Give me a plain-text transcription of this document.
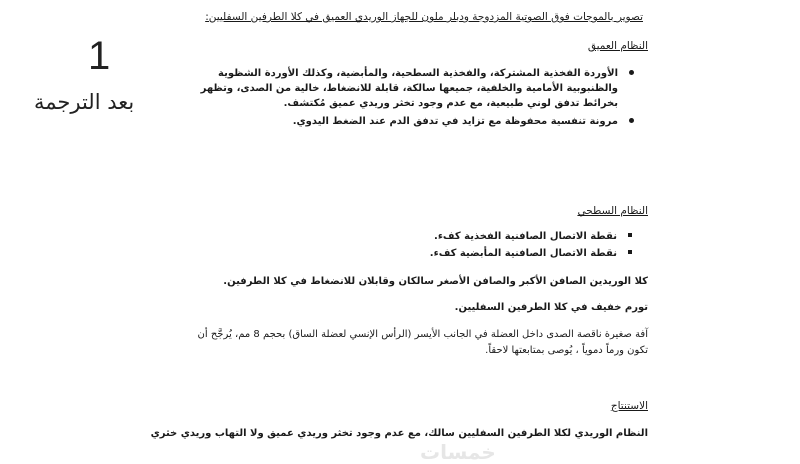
تصوير بالموجات فوق الصوتية المزدوجة ودبلر ملون للجهاز الوريدي العميق في كلا الطرفين السفليين:
1
بعد الترجمة
النظام العميق
الأوردة الفخذية المشتركة، والفخذية السطحية، والمأبضية، وكذلك الأوردة الشظوية والظنبوبية الأمامية والخلفية، جميعها سالكة، قابلة للانضغاط، خالية من الصدى، وتظهر بخرائط تدفق لوني طبيعية، مع عدم وجود تخثر وريدي عميق مُكتشف.
مرونة تنفسية محفوظة مع تزايد في تدفق الدم عند الضغط اليدوي.
النظام السطحي
نقطة الاتصال الصافنية الفخذية كفء.
نقطة الاتصال الصافنية المأبضية كفء.
كلا الوريدين الصافن الأكبر والصافن الأصغر سالكان وقابلان للانضغاط في كلا الطرفين.
تورم خفيف في كلا الطرفين السفليين.
آفة صغيرة ناقصة الصدى داخل العضلة في الجانب الأيسر (الرأس الإنسي لعضلة الساق) بحجم 8 مم، يُرجَّح أن تكون ورماً دموياً ، يُوصى بمتابعتها لاحقاً.
الاستنتاج
النظام الوريدي لكلا الطرفين السفليين سالك، مع عدم وجود تخثر وريدي عميق ولا التهاب وريدي خثري
خمسات
